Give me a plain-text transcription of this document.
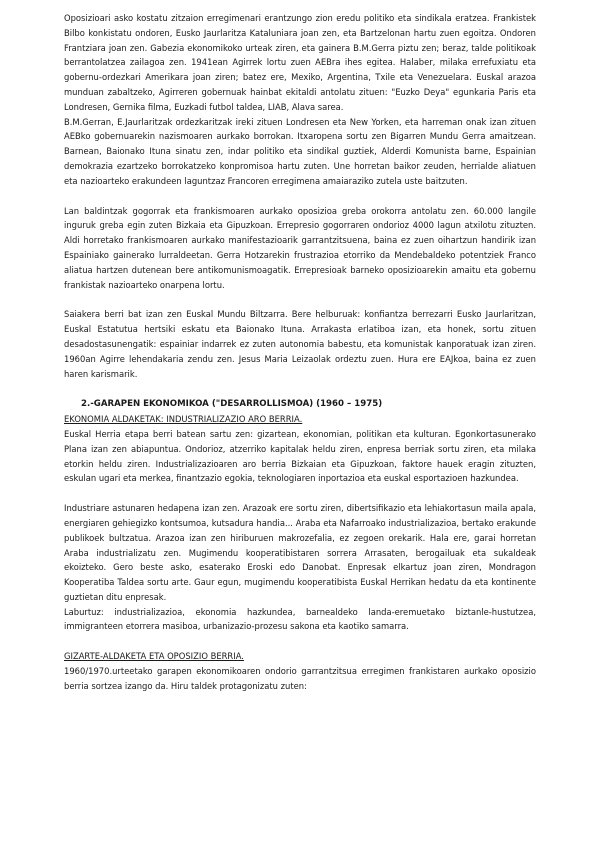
Oposizioari asko kostatu zitzaion erregimenari erantzungo zion eredu politiko eta sindikala eratzea. Frankistek Bilbo konkistatu ondoren, Eusko Jaurlaritza Kataluniara joan zen, eta Bartzelonan hartu zuen egoitza. Ondoren Frantziara joan zen. Gabezia ekonomikoko urteak ziren, eta gainera B.M.Gerra piztu zen; beraz, talde politikoak berrantolatzea zailagoa zen. 1941ean Agirrek lortu zuen AEBra ihes egitea. Halaber, milaka errefuxiatu eta gobernu-ordezkari Amerikara joan ziren; batez ere, Mexiko, Argentina, Txile eta Venezuelara. Euskal arazoa munduan zabaltzeko, Agirreren gobernuak hainbat ekitaldi antolatu zituen: "Euzko Deya" egunkaria Paris eta Londresen, Gernika filma, Euzkadi futbol taldea, LIAB, Alava sarea.

B.M.Gerran, E.Jaurlaritzak ordezkaritzak ireki zituen Londresen eta New Yorken, eta harreman onak izan zituen AEBko gobernuarekin nazismoaren aurkako borrokan. Itxaropena sortu zen Bigarren Mundu Gerra amaitzean. Barnean, Baionako Ituna sinatu zen, indar politiko eta sindikal guztiek, Alderdi Komunista barne, Espainian demokrazia ezartzeko borrokatzeko konpromisoa hartu zuten. Une horretan baikor zeuden, herrialde aliatuen eta nazioarteko erakundeen laguntzaz Francoren erregimena amaiaraziko zutela uste baitzuten.

Lan baldintzak gogorrak eta frankismoaren aurkako oposizioa greba orokorra antolatu zen. 60.000 langile inguruk greba egin zuten Bizkaia eta Gipuzkoan. Errepresio gogorraren ondorioz 4000 lagun atxilotu zituzten. Aldi horretako frankismoaren aurkako manifestazioarik garrantzitsuena, baina ez zuen oihartzun handirik izan Espainiako gainerako lurraldeetan. Gerra Hotzarekin frustrazioa etorriko da Mendebaldeko potentziek Franco aliatua hartzen dutenean bere antikomunismoagatik. Errepresioak barneko oposizioarekin amaitu eta gobernu frankistak nazioarteko onarpena lortu.

Saiakera berri bat izan zen Euskal Mundu Biltzarra. Bere helburuak: konfiantza berrezarri Eusko Jaurlaritzan, Euskal Estatutua hertsiki eskatu eta Baionako Ituna. Arrakasta erlatiboa izan, eta honek, sortu zituen desadostasunengatik: espainiar indarrek ez zuten autonomia babestu, eta komunistak kanporatuak izan ziren. 1960an Agirre lehendakaria zendu zen. Jesus Maria Leizaolak ordeztu zuen. Hura ere EAJkoa, baina ez zuen haren karismarik.

2.-GARAPEN EKONOMIKOA ("DESARROLLISMOA) (1960 – 1975)
EKONOMIA ALDAKETAK: INDUSTRIALIZAZIO ARO BERRIA.

Euskal Herria etapa berri batean sartu zen: gizartean, ekonomian, politikan eta kulturan. Egonkortasunerako Plana izan zen abiapuntua. Ondorioz, atzerriko kapitalak heldu ziren, enpresa berriak sortu ziren, eta milaka etorkin heldu ziren. Industrializazioaren aro berria Bizkaian eta Gipuzkoan, faktore hauek eragin zituzten, eskulan ugari eta merkea, finantzazio egokia, teknologiaren inportazioa eta euskal esportazioen hazkundea.

Industriare astunaren hedapena izan zen. Arazoak ere sortu ziren, dibertsifikazio eta lehiakortasun maila apala, energiaren gehiegizko kontsumoa, kutsadura handia... Araba eta Nafarroako industrializazioa, bertako erakunde publikoek bultzatua. Arazoa izan zen hiriburuen makrozefalia, ez zegoen orekarik. Hala ere, garai horretan Araba industrializatu zen. Mugimendu kooperatibistaren sorrera Arrasaten, berogailuak eta sukaldeak ekoizteko. Gero beste asko, esaterako Eroski edo Danobat. Enpresak elkartuz joan ziren, Mondragon Kooperatiba Taldea sortu arte. Gaur egun, mugimendu kooperatibista Euskal Herrikan hedatu da eta kontinente guztietan ditu enpresak.

Laburtuz: industrializazioa, ekonomia hazkundea, barnealdeko landa-eremuetako biztanle-hustutzea, immigranteen etorrera masiboa, urbanizazio-prozesu sakona eta kaotiko samarra.

GIZARTE-ALDAKETA ETA OPOSIZIO BERRIA.

1960/1970.urteetako garapen ekonomikoaren ondorio garrantzitsua erregimen frankistaren aurkako oposizio berria sortzea izango da. Hiru taldek protagonizatu zuten:
